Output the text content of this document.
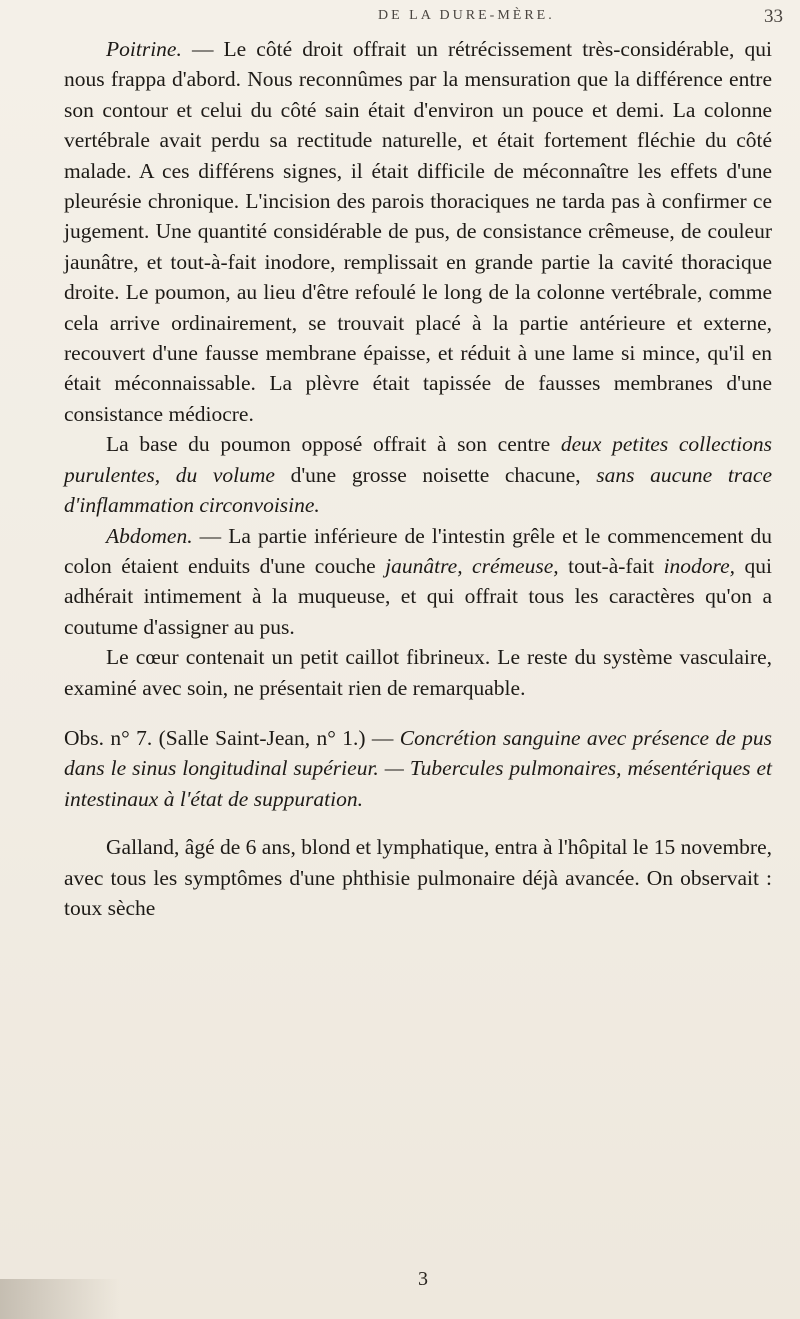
DE LA DURE-MÈRE.	33

Poitrine. — Le côté droit offrait un rétrécissement très-considérable, qui nous frappa d'abord. Nous reconnûmes par la mensuration que la différence entre son contour et celui du côté sain était d'environ un pouce et demi. La colonne vertébrale avait perdu sa rectitude naturelle, et était fortement fléchie du côté malade. A ces différens signes, il était difficile de méconnaître les effets d'une pleurésie chronique. L'incision des parois thoraciques ne tarda pas à confirmer ce jugement. Une quantité considérable de pus, de consistance crêmeuse, de couleur jaunâtre, et tout-à-fait inodore, remplissait en grande partie la cavité thoracique droite. Le poumon, au lieu d'être refoulé le long de la colonne vertébrale, comme cela arrive ordinairement, se trouvait placé à la partie antérieure et externe, recouvert d'une fausse membrane épaisse, et réduit à une lame si mince, qu'il en était méconnaissable. La plèvre était tapissée de fausses membranes d'une consistance médiocre.

La base du poumon opposé offrait à son centre deux petites collections purulentes, du volume d'une grosse noisette chacune, sans aucune trace d'inflammation circonvoisine.

Abdomen. — La partie inférieure de l'intestin grêle et le commencement du colon étaient enduits d'une couche jaunâtre, crémeuse, tout-à-fait inodore, qui adhérait intimement à la muqueuse, et qui offrait tous les caractères qu'on a coutume d'assigner au pus.

Le cœur contenait un petit caillot fibrineux. Le reste du système vasculaire, examiné avec soin, ne présentait rien de remarquable.

Obs. n° 7. (Salle Saint-Jean, n° 1.) — Concrétion sanguine avec présence de pus dans le sinus longitudinal supérieur. — Tubercules pulmonaires, mésentériques et intestinaux à l'état de suppuration.

Galland, âgé de 6 ans, blond et lymphatique, entra à l'hôpital le 15 novembre, avec tous les symptômes d'une phthisie pulmonaire déjà avancée. On observait : toux sèche

3
